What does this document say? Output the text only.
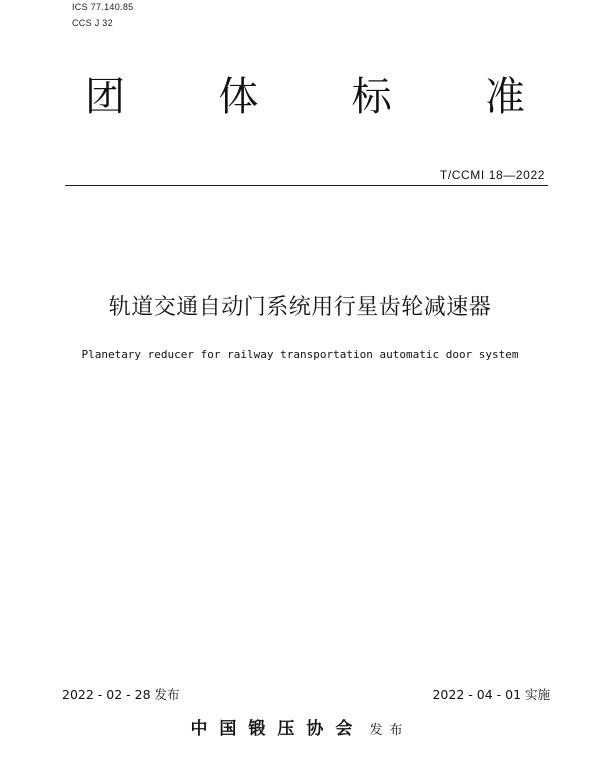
ICS 77.140.85
CCS J 32
团	体	标	准
T/CCMI 18—2022
轨道交通自动门系统用行星齿轮减速器
Planetary reducer for railway transportation automatic door system
2022 - 02 - 28 发布	2022 - 04 - 01 实施
中国锻压协会 发布
